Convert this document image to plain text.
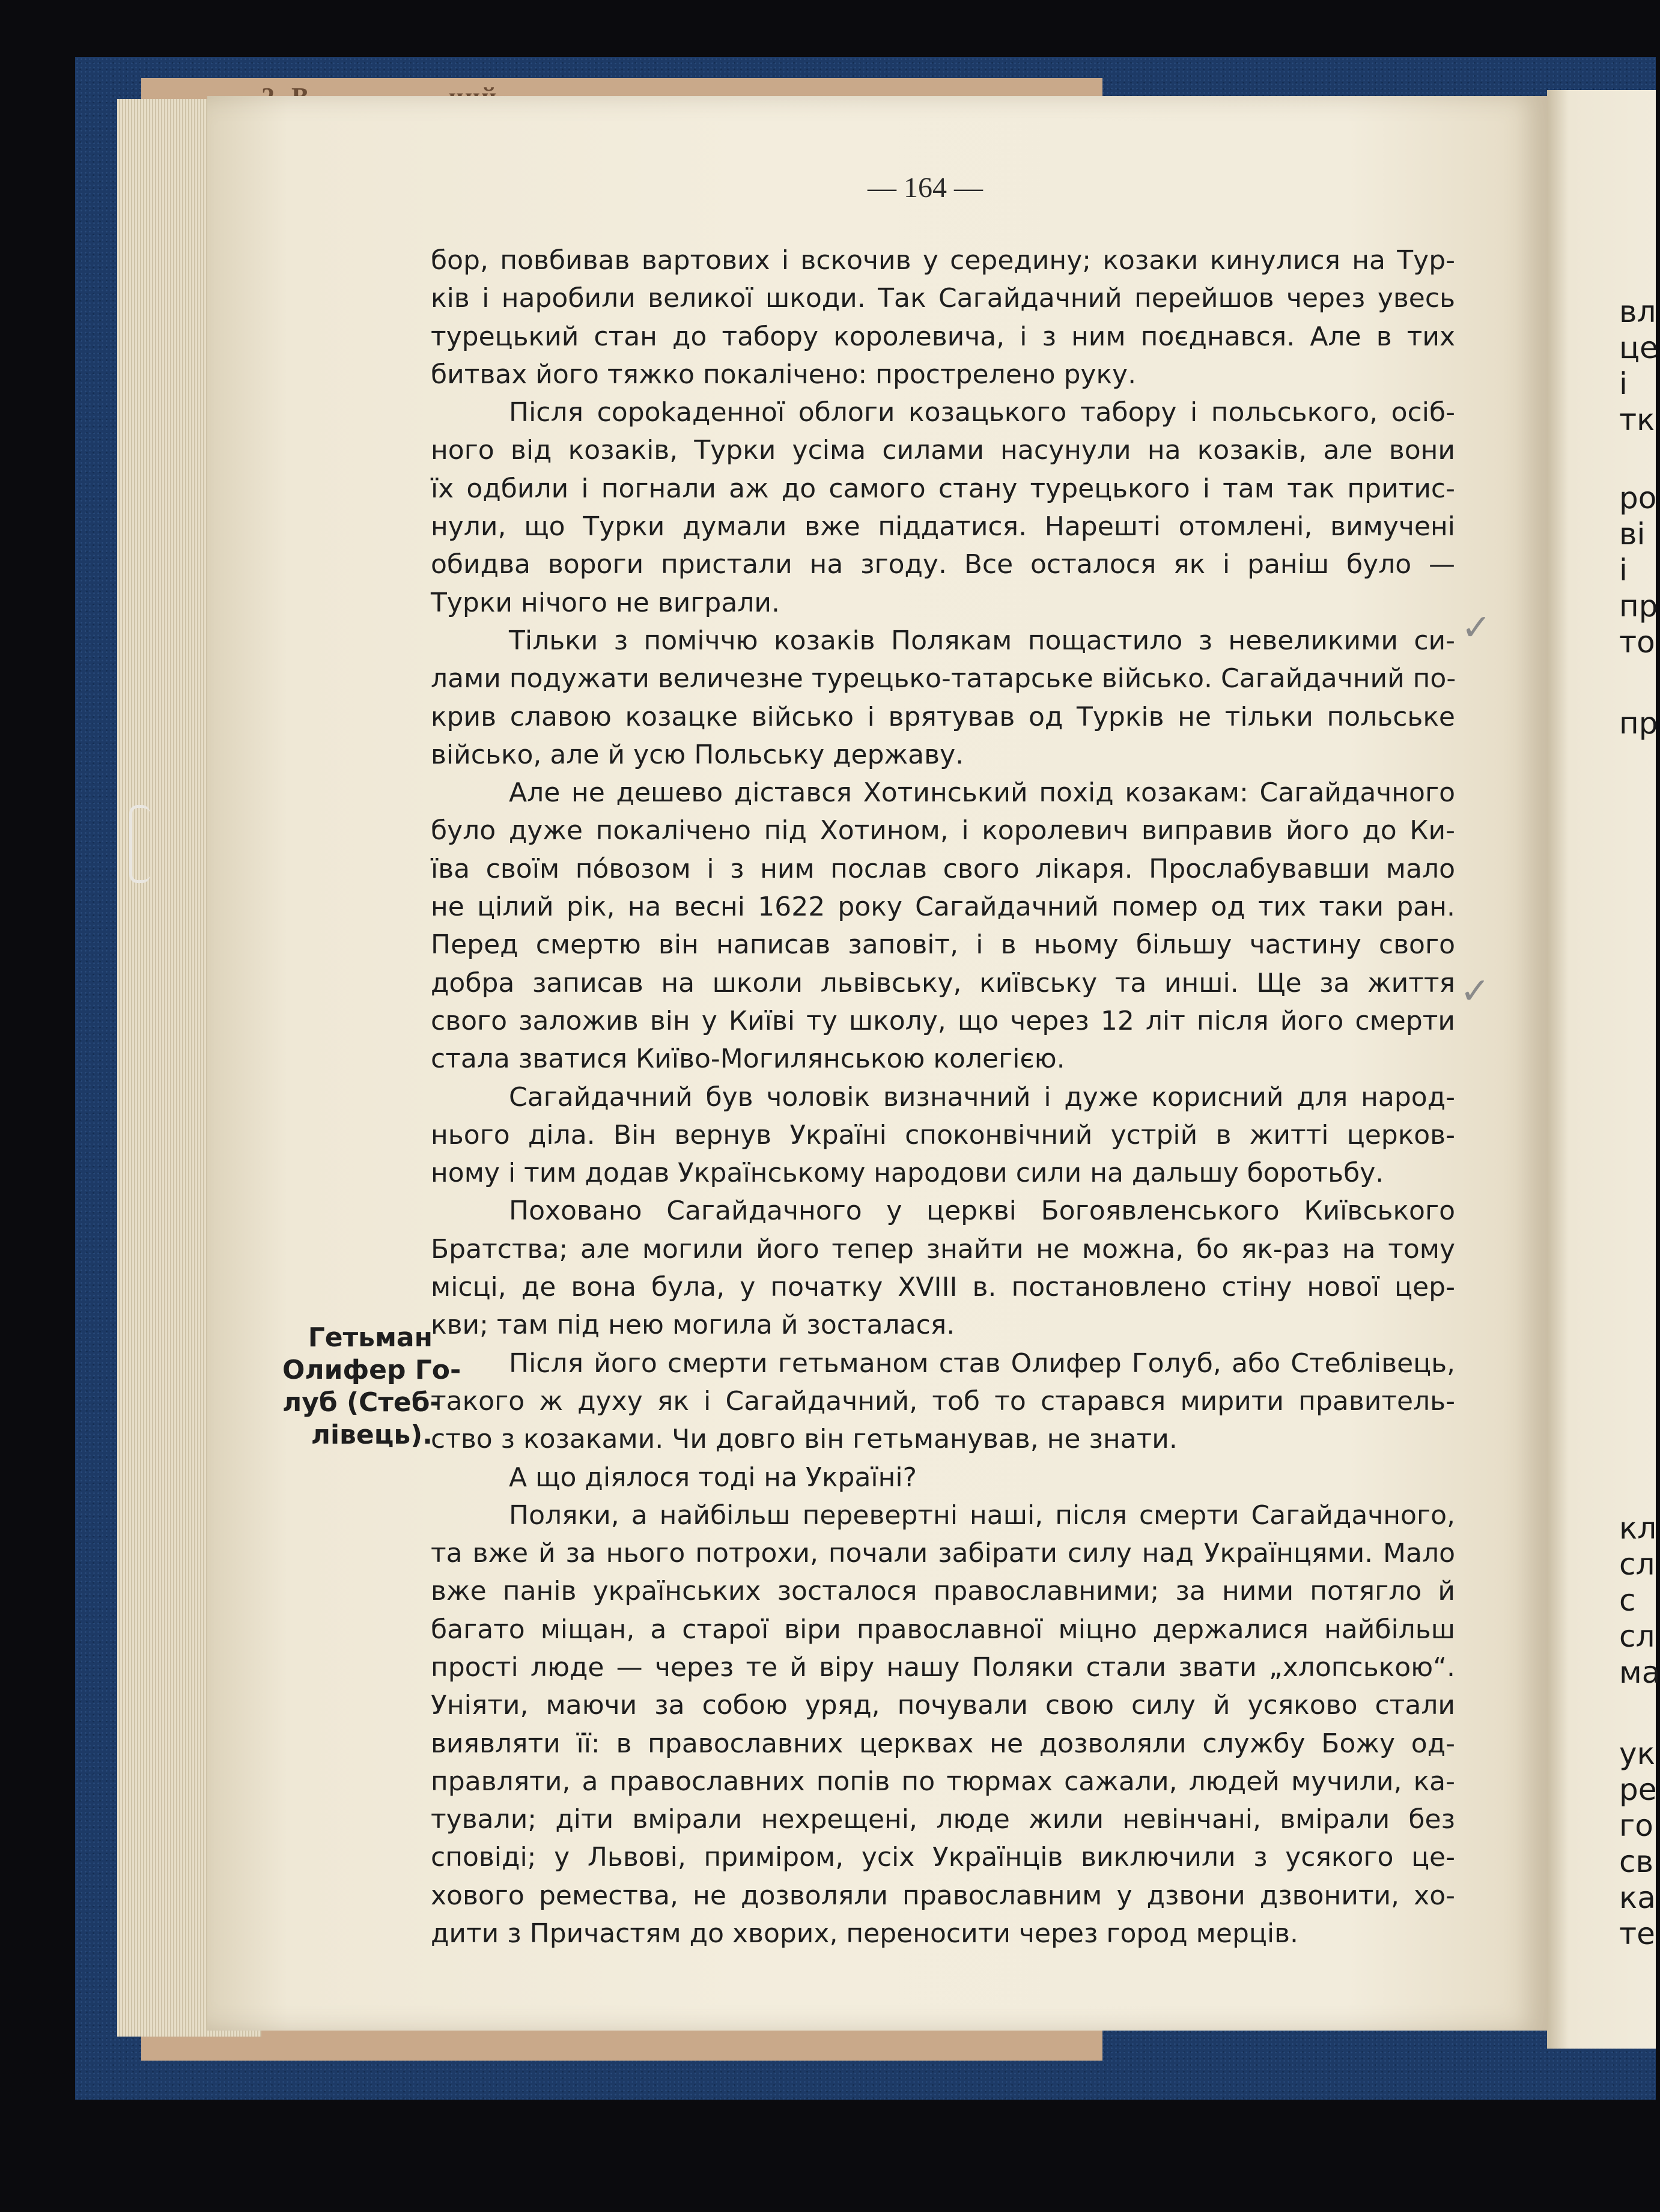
вл
це
і
тк
ро
ві
і
пр
то
пр
кл
сл
с
сл
ма
ук
ре
го
св
ка
те
— 164 —
Гетьман
Олифер Го-
луб (Стеб-
лівець).
✓
✓
бор, повбивав вартових і вскочив у середину; козаки кинулися на Тур-
ків і наробили великої шкоди. Так Сагайдачний перейшов через увесь
турецький стан до табору королевича, і з ним поєднався. Але в тих
битвах його тяжко покалічено: прострелено руку.
Після сороkаденної облоги козацького табору і польського, осіб-
ного від козаків, Турки усіма силами насунули на козаків, але вони
їх одбили і погнали аж до самого стану турецького і там так притис-
нули, що Турки думали вже піддатися. Нарешті отомлені, вимучені
обидва вороги пристали на згоду. Все осталося як і раніш було —
Турки нічого не виграли.
Тільки з поміччю козаків Полякам пощастило з невеликими си-
лами подужати величезне турецько-татарське військо. Сагайдачний по-
крив славою козацке військо і врятував од Турків не тільки польське
військо, але й усю Польську державу.
Але не дешево дістався Хотинський похід козакам: Сагайдачного
було дуже покалічено під Хотином, і королевич виправив його до Ки-
їва своїм пóвозом і з ним послав свого лікаря. Прослабувавши мало
не цілий рік, на весні 1622 року Сагайдачний помер од тих таки ран.
Перед смертю він написав заповіт, і в ньому більшу частину свого
добра записав на школи львівську, київську та инші. Ще за життя
свого заложив він у Київі ту школу, що через 12 літ після його смерти
стала зватися Київо-Могилянською колегією.
Сагайдачний був чоловік визначний і дуже корисний для народ-
нього діла. Він вернув Україні споконвічний устрій в житті церков-
ному і тим додав Українському народови сили на дальшу боротьбу.
Поховано Сагайдачного у церкві Богоявленського Київського
Братства; але могили його тепер знайти не можна, бо як-раз на тому
місці, де вона була, у початку XVIII в. постановлено стіну нової цер-
кви; там під нею могила й зосталася.
Після його смерти гетьманом став Олифер Голуб, або Стеблівець,
такого ж духу як і Сагайдачний, тоб то старався мирити правитель-
ство з козаками. Чи довго він гетьманував, не знати.
А що діялося тоді на Україні?
Поляки, а найбільш перевертні наші, після смерти Сагайдачного,
та вже й за нього потрохи, почали забірати силу над Українцями. Мало
вже панів українських зосталося православними; за ними потягло й
багато міщан, а старої віри православної міцно держалися найбільш
прості люде — через те й віру нашу Поляки стали звати „хлопською“.
Уніяти, маючи за собою уряд, почували свою силу й усяково стали
виявляти її: в православних церквах не дозволяли службу Божу од-
правляти, а православних попів по тюрмах сажали, людей мучили, ка-
тували; діти вмірали нехрещені, люде жили невінчані, вмірали без
сповіді; у Львові, приміром, усіх Українців виключили з усякого це-
хового ремества, не дозволяли православним у дзвони дзвонити, хо-
дити з Причастям до хворих, переносити через город мерців.
